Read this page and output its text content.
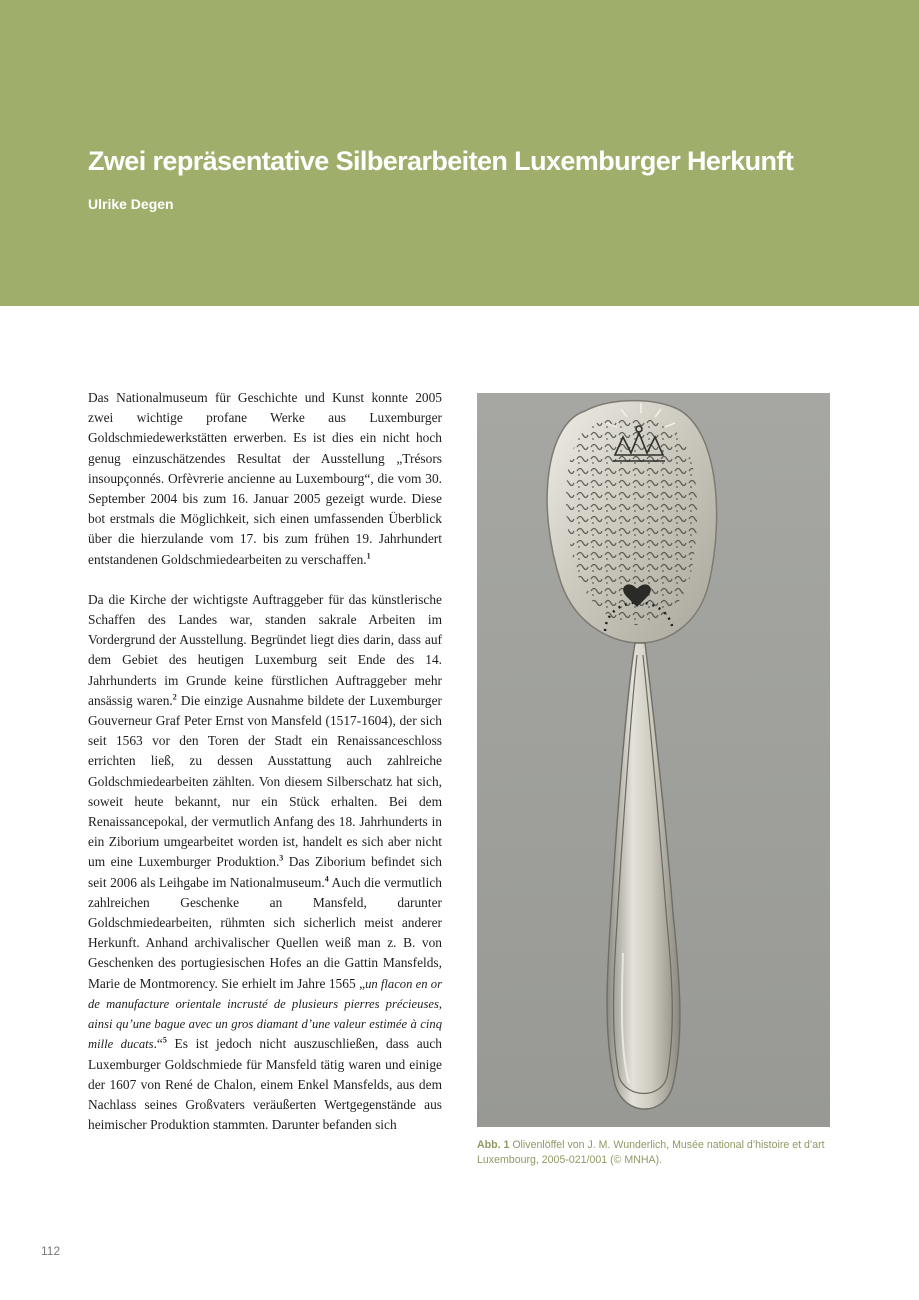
Zwei repräsentative Silberarbeiten Luxemburger Herkunft

Ulrike Degen

Das Nationalmuseum für Geschichte und Kunst konnte 2005 zwei wichtige profane Werke aus Luxemburger Goldschmiedewerkstätten erwerben. Es ist dies ein nicht hoch genug einzuschätzendes Resultat der Ausstellung „Trésors insoupçonnés. Orfèvrerie ancienne au Luxembourg“, die vom 30. September 2004 bis zum 16. Januar 2005 gezeigt wurde. Diese bot erstmals die Möglichkeit, sich einen umfassenden Überblick über die hierzulande vom 17. bis zum frühen 19. Jahrhundert entstandenen Goldschmiedearbeiten zu verschaffen.$^1$

Da die Kirche der wichtigste Auftraggeber für das künstlerische Schaffen des Landes war, standen sakrale Arbeiten im Vordergrund der Ausstellung. Begründet liegt dies darin, dass auf dem Gebiet des heutigen Luxemburg seit Ende des 14. Jahrhunderts im Grunde keine fürstlichen Auftraggeber mehr ansässig waren.$^2$ Die einzige Ausnahme bildete der Luxemburger Gouverneur Graf Peter Ernst von Mansfeld (1517-1604), der sich seit 1563 vor den Toren der Stadt ein Renaissanceschloss errichten ließ, zu dessen Ausstattung auch zahlreiche Goldschmiedearbeiten zählten. Von diesem Silberschatz hat sich, soweit heute bekannt, nur ein Stück erhalten. Bei dem Renaissancepokal, der vermutlich Anfang des 18. Jahrhunderts in ein Ziborium umgearbeitet worden ist, handelt es sich aber nicht um eine Luxemburger Produktion.$^3$ Das Ziborium befindet sich seit 2006 als Leihgabe im Nationalmuseum.$^4$ Auch die vermutlich zahlreichen Geschenke an Mansfeld, darunter Goldschmiedearbeiten, rühmten sich sicherlich meist anderer Herkunft. Anhand archivalischer Quellen weiß man z. B. von Geschenken des portugiesischen Hofes an die Gattin Mansfelds, Marie de Montmorency. Sie erhielt im Jahre 1565 „un flacon en or de manufacture orientale incrusté de plusieurs pierres précieuses, ainsi qu’une bague avec un gros diamant d’une valeur estimée à cinq mille ducats.“$^5$ Es ist jedoch nicht auszuschließen, dass auch Luxemburger Goldschmiede für Mansfeld tätig waren und einige der 1607 von René de Chalon, einem Enkel Mansfelds, aus dem Nachlass seines Großvaters veräußerten Wertgegenstände aus heimischer Produktion stammten. Darunter befanden sich

Abb. 1 Olivenlöffel von J. M. Wunderlich, Musée national d’histoire et d’art Luxembourg, 2005-021/001 (© MNHA).

112
